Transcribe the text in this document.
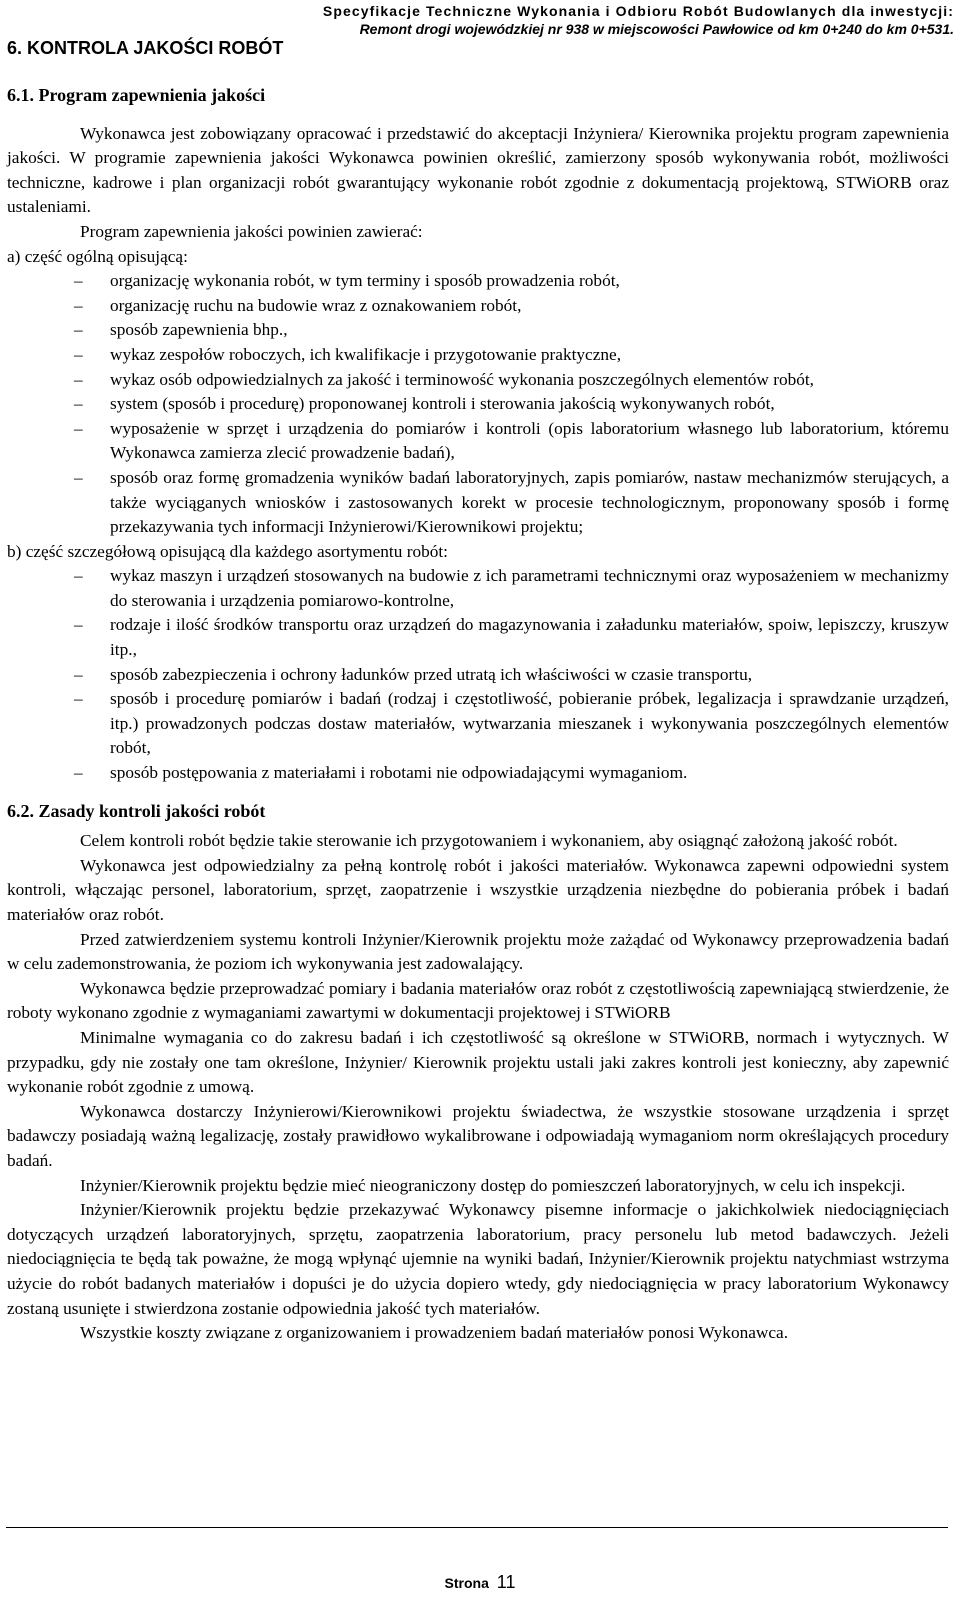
Specyfikacje Techniczne Wykonania i Odbioru Robót Budowlanych dla inwestycji:
Remont drogi wojewódzkiej nr 938 w miejscowości Pawłowice od km 0+240 do km 0+531.
6. KONTROLA JAKOŚCI ROBÓT
6.1. Program zapewnienia jakości

Wykonawca jest zobowiązany opracować i przedstawić do akceptacji Inżyniera/ Kierownika projektu program zapewnienia jakości. W programie zapewnienia jakości Wykonawca powinien określić, zamierzony sposób wykonywania robót, możliwości techniczne, kadrowe i plan organizacji robót gwarantujący wykonanie robót zgodnie z dokumentacją projektową, STWiORB oraz ustaleniami.

Program zapewnienia jakości powinien zawierać:

a) część ogólną opisującą:

– organizację wykonania robót, w tym terminy i sposób prowadzenia robót,
– organizację ruchu na budowie wraz z oznakowaniem robót,
– sposób zapewnienia bhp.,
– wykaz zespołów roboczych, ich kwalifikacje i przygotowanie praktyczne,
– wykaz osób odpowiedzialnych za jakość i terminowość wykonania poszczególnych elementów robót,
– system (sposób i procedurę) proponowanej kontroli i sterowania jakością wykonywanych robót,
– wyposażenie w sprzęt i urządzenia do pomiarów i kontroli (opis laboratorium własnego lub laboratorium, któremu Wykonawca zamierza zlecić prowadzenie badań),
– sposób oraz formę gromadzenia wyników badań laboratoryjnych, zapis pomiarów, nastaw mechanizmów sterujących, a także wyciąganych wniosków i zastosowanych korekt w procesie technologicznym, proponowany sposób i formę przekazywania tych informacji Inżynierowi/Kierownikowi projektu;

b) część szczegółową opisującą dla każdego asortymentu robót:

– wykaz maszyn i urządzeń stosowanych na budowie z ich parametrami technicznymi oraz wyposażeniem w mechanizmy do sterowania i urządzenia pomiarowo-kontrolne,
– rodzaje i ilość środków transportu oraz urządzeń do magazynowania i załadunku materiałów, spoiw, lepiszczy, kruszyw itp.,
– sposób zabezpieczenia i ochrony ładunków przed utratą ich właściwości w czasie transportu,
– sposób i procedurę pomiarów i badań (rodzaj i częstotliwość, pobieranie próbek, legalizacja i sprawdzanie urządzeń, itp.) prowadzonych podczas dostaw materiałów, wytwarzania mieszanek i wykonywania poszczególnych elementów robót,
– sposób postępowania z materiałami i robotami nie odpowiadającymi wymaganiom.
6.2. Zasady kontroli jakości robót

Celem kontroli robót będzie takie sterowanie ich przygotowaniem i wykonaniem, aby osiągnąć założoną jakość robót.

Wykonawca jest odpowiedzialny za pełną kontrolę robót i jakości materiałów. Wykonawca zapewni odpowiedni system kontroli, włączając personel, laboratorium, sprzęt, zaopatrzenie i wszystkie urządzenia niezbędne do pobierania próbek i badań materiałów oraz robót.

Przed zatwierdzeniem systemu kontroli Inżynier/Kierownik projektu może zażądać od Wykonawcy przeprowadzenia badań w celu zademonstrowania, że poziom ich wykonywania jest zadowalający.

Wykonawca będzie przeprowadzać pomiary i badania materiałów oraz robót z częstotliwością zapewniającą stwierdzenie, że roboty wykonano zgodnie z wymaganiami zawartymi w dokumentacji projektowej i STWiORB

Minimalne wymagania co do zakresu badań i ich częstotliwość są określone w STWiORB, normach i wytycznych. W przypadku, gdy nie zostały one tam określone, Inżynier/ Kierownik projektu ustali jaki zakres kontroli jest konieczny, aby zapewnić wykonanie robót zgodnie z umową.

Wykonawca dostarczy Inżynierowi/Kierownikowi projektu świadectwa, że wszystkie stosowane urządzenia i sprzęt badawczy posiadają ważną legalizację, zostały prawidłowo wykalibrowane i odpowiadają wymaganiom norm określających procedury badań.

Inżynier/Kierownik projektu będzie mieć nieograniczony dostęp do pomieszczeń laboratoryjnych, w celu ich inspekcji.

Inżynier/Kierownik projektu będzie przekazywać Wykonawcy pisemne informacje o jakichkolwiek niedociągnięciach dotyczących urządzeń laboratoryjnych, sprzętu, zaopatrzenia laboratorium, pracy personelu lub metod badawczych. Jeżeli niedociągnięcia te będą tak poważne, że mogą wpłynąć ujemnie na wyniki badań, Inżynier/Kierownik projektu natychmiast wstrzyma użycie do robót badanych materiałów i dopuści je do użycia dopiero wtedy, gdy niedociągnięcia w pracy laboratorium Wykonawcy zostaną usunięte i stwierdzona zostanie odpowiednia jakość tych materiałów.

Wszystkie koszty związane z organizowaniem i prowadzeniem badań materiałów ponosi Wykonawca.

Strona 11
